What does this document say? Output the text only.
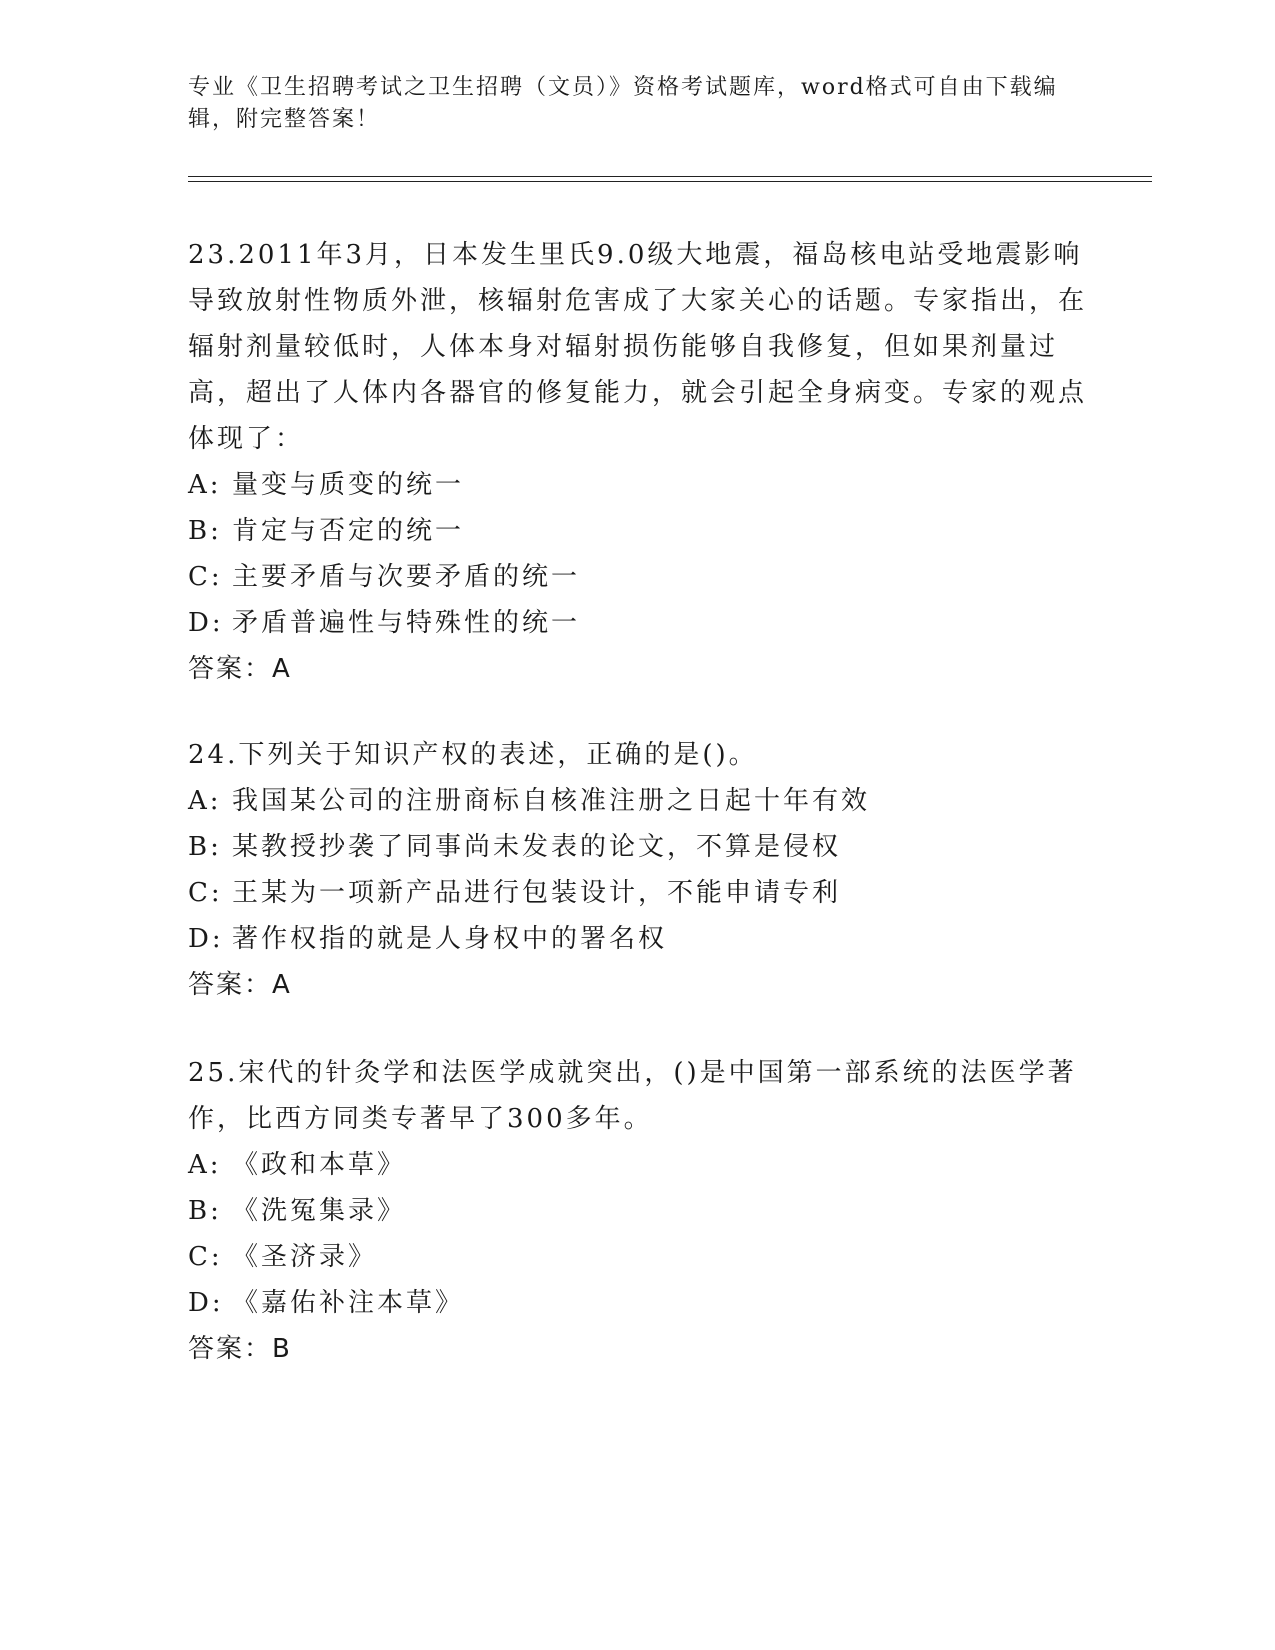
专业《卫生招聘考试之卫生招聘（文员）》资格考试题库，word格式可自由下载编辑，附完整答案！

23.2011年3月，日本发生里氏9.0级大地震，福岛核电站受地震影响导致放射性物质外泄，核辐射危害成了大家关心的话题。专家指出，在辐射剂量较低时，人体本身对辐射损伤能够自我修复，但如果剂量过高，超出了人体内各器官的修复能力，就会引起全身病变。专家的观点体现了：

A: 量变与质变的统一

B: 肯定与否定的统一

C: 主要矛盾与次要矛盾的统一

D: 矛盾普遍性与特殊性的统一

答案：A

24.下列关于知识产权的表述，正确的是()。

A: 我国某公司的注册商标自核准注册之日起十年有效

B: 某教授抄袭了同事尚未发表的论文，不算是侵权

C: 王某为一项新产品进行包装设计，不能申请专利

D: 著作权指的就是人身权中的署名权

答案：A

25.宋代的针灸学和法医学成就突出，()是中国第一部系统的法医学著作，比西方同类专著早了300多年。

A: 《政和本草》

B: 《洗冤集录》

C: 《圣济录》

D: 《嘉佑补注本草》

答案：B
